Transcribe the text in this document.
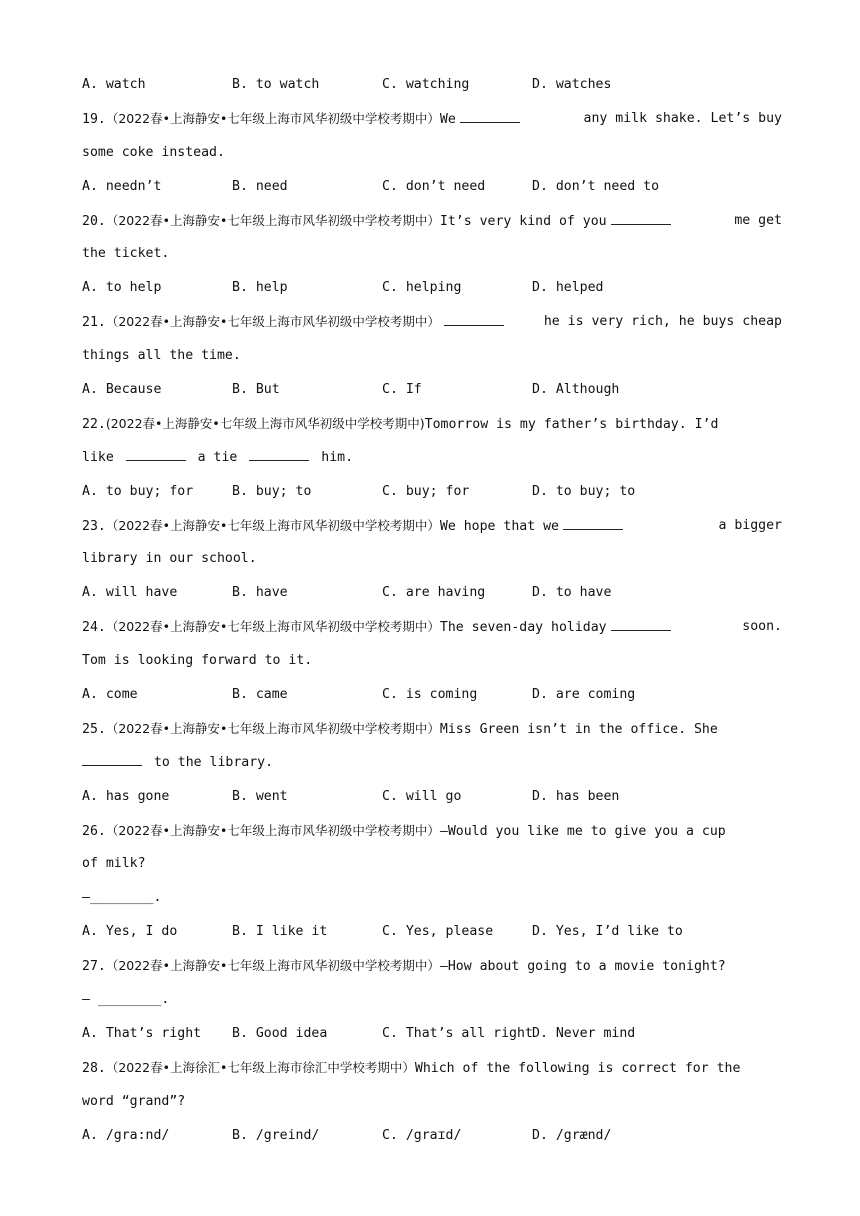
A. watch	B. to watch	C. watching	D. watches
19.（2022春•上海静安•七年级上海市风华初级中学校考期中）We	any milk shake. Let’s buy
some coke instead.
A. needn’t	B. need	C. don’t need	D. don’t need to
20.（2022春•上海静安•七年级上海市风华初级中学校考期中）It’s very kind of you	me get
the ticket.
A. to help	B. help	C. helping	D. helped
21.（2022春•上海静安•七年级上海市风华初级中学校考期中）	he is very rich, he buys cheap
things all the time.
A. Because	B. But	C. If	D. Although
22.(2022春•上海静安•七年级上海市风华初级中学校考期中)Tomorrow is my father’s birthday. I’d
like	a tie	him.
A. to buy; for	B. buy; to	C. buy; for	D. to buy; to
23.（2022春•上海静安•七年级上海市风华初级中学校考期中）We hope that we	a bigger
library in our school.
A. will have	B. have	C. are having	D. to have
24.（2022春•上海静安•七年级上海市风华初级中学校考期中）The seven-day holiday	soon.
Tom is looking forward to it.
A. come	B. came	C. is coming	D. are coming
25.（2022春•上海静安•七年级上海市风华初级中学校考期中）Miss Green isn’t in the office. She
to the library.
A. has gone	B. went	C. will go	D. has been
26.（2022春•上海静安•七年级上海市风华初级中学校考期中）—Would you like me to give you a cup
of milk?
—________.
A. Yes, I do	B. I like it	C. Yes, please	D. Yes, I’d like to
27.（2022春•上海静安•七年级上海市风华初级中学校考期中）—How about going to a movie tonight?
— ________.
A. That’s right	B. Good idea	C. That’s all right D. Never mind
28.（2022春•上海徐汇•七年级上海市徐汇中学校考期中）Which of the following is correct for the
word “grand”?
A. /gra:nd/	B. /greind/	C. /graɪd/	D. /grænd/
